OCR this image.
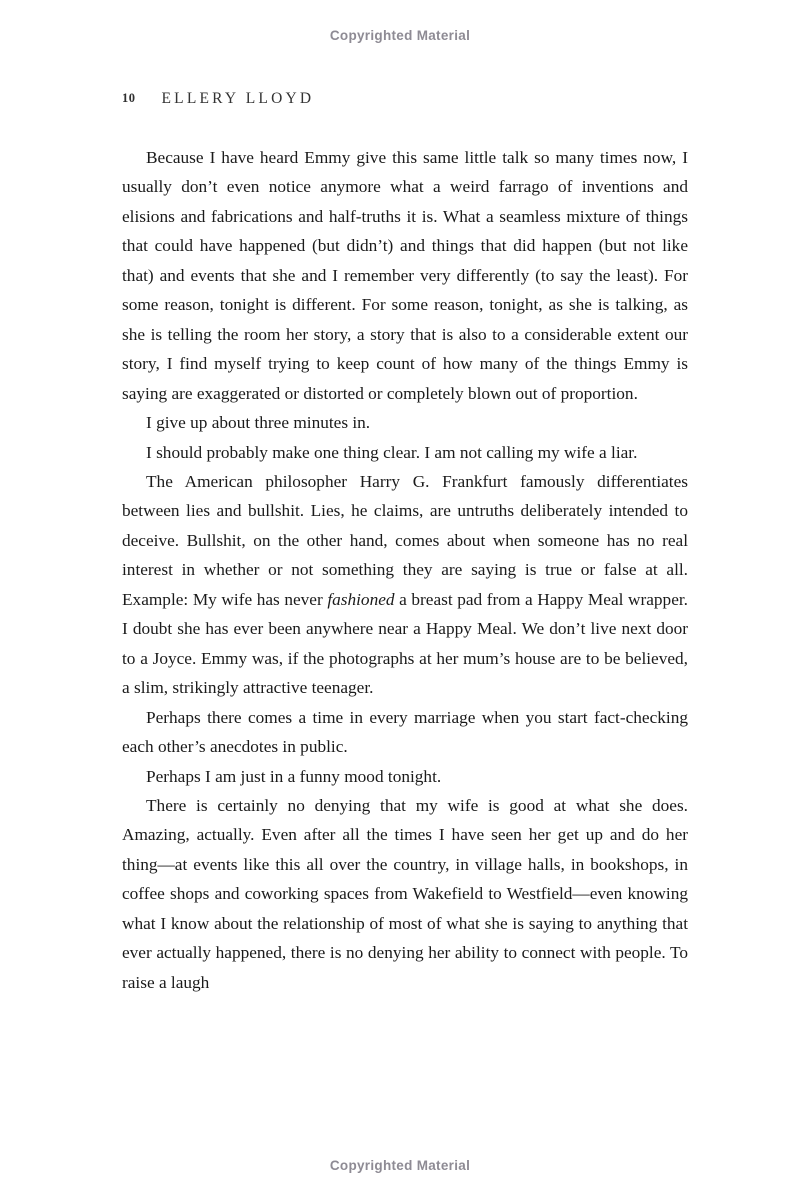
Copyrighted Material
10 ELLERY LLOYD

Because I have heard Emmy give this same little talk so many times now, I usually don’t even notice anymore what a weird farrago of inventions and elisions and fabrications and half-truths it is. What a seamless mixture of things that could have happened (but didn’t) and things that did happen (but not like that) and events that she and I remember very differently (to say the least). For some reason, tonight is different. For some reason, tonight, as she is talking, as she is telling the room her story, a story that is also to a considerable extent our story, I find myself trying to keep count of how many of the things Emmy is saying are exaggerated or distorted or completely blown out of proportion.

I give up about three minutes in.

I should probably make one thing clear. I am not calling my wife a liar.

The American philosopher Harry G. Frankfurt famously differentiates between lies and bullshit. Lies, he claims, are untruths deliberately intended to deceive. Bullshit, on the other hand, comes about when someone has no real interest in whether or not something they are saying is true or false at all. Example: My wife has never fashioned a breast pad from a Happy Meal wrapper. I doubt she has ever been anywhere near a Happy Meal. We don’t live next door to a Joyce. Emmy was, if the photographs at her mum’s house are to be believed, a slim, strikingly attractive teenager.

Perhaps there comes a time in every marriage when you start fact-checking each other’s anecdotes in public.

Perhaps I am just in a funny mood tonight.

There is certainly no denying that my wife is good at what she does. Amazing, actually. Even after all the times I have seen her get up and do her thing—at events like this all over the country, in village halls, in bookshops, in coffee shops and coworking spaces from Wakefield to Westfield—even knowing what I know about the relationship of most of what she is saying to anything that ever actually happened, there is no denying her ability to connect with people. To raise a laugh

Copyrighted Material
